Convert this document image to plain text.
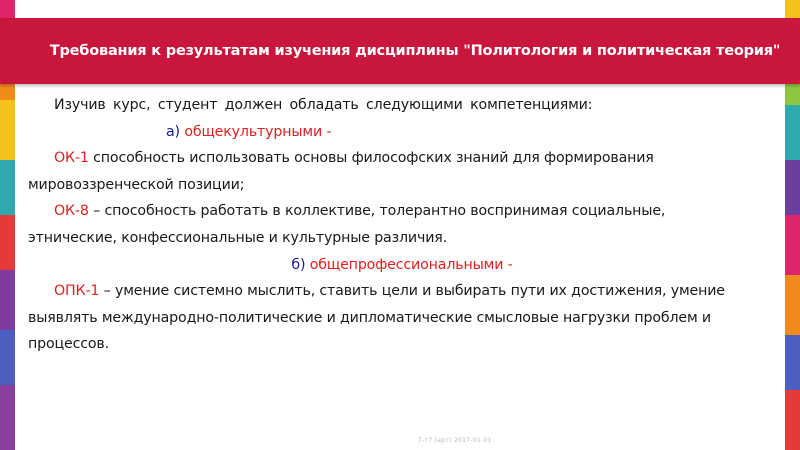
Требования к результатам изучения дисциплины "Политология и политическая теория"

Изучив курс, студент должен обладать следующими компетенциями:

а) общекультурными -

ОК-1 способность использовать основы философских знаний для формирования мировоззренческой позиции;

ОК-8 – способность работать в коллективе, толерантно воспринимая социальные, этнические, конфессиональные и культурные различия.

б) общепрофессиональными -

ОПК-1 – умение системно мыслить, ставить цели и выбирать пути их достижения, умение выявлять международно-политические и дипломатические смысловые нагрузки проблем и процессов.

Т-т7 (арт) 2017-01-01
